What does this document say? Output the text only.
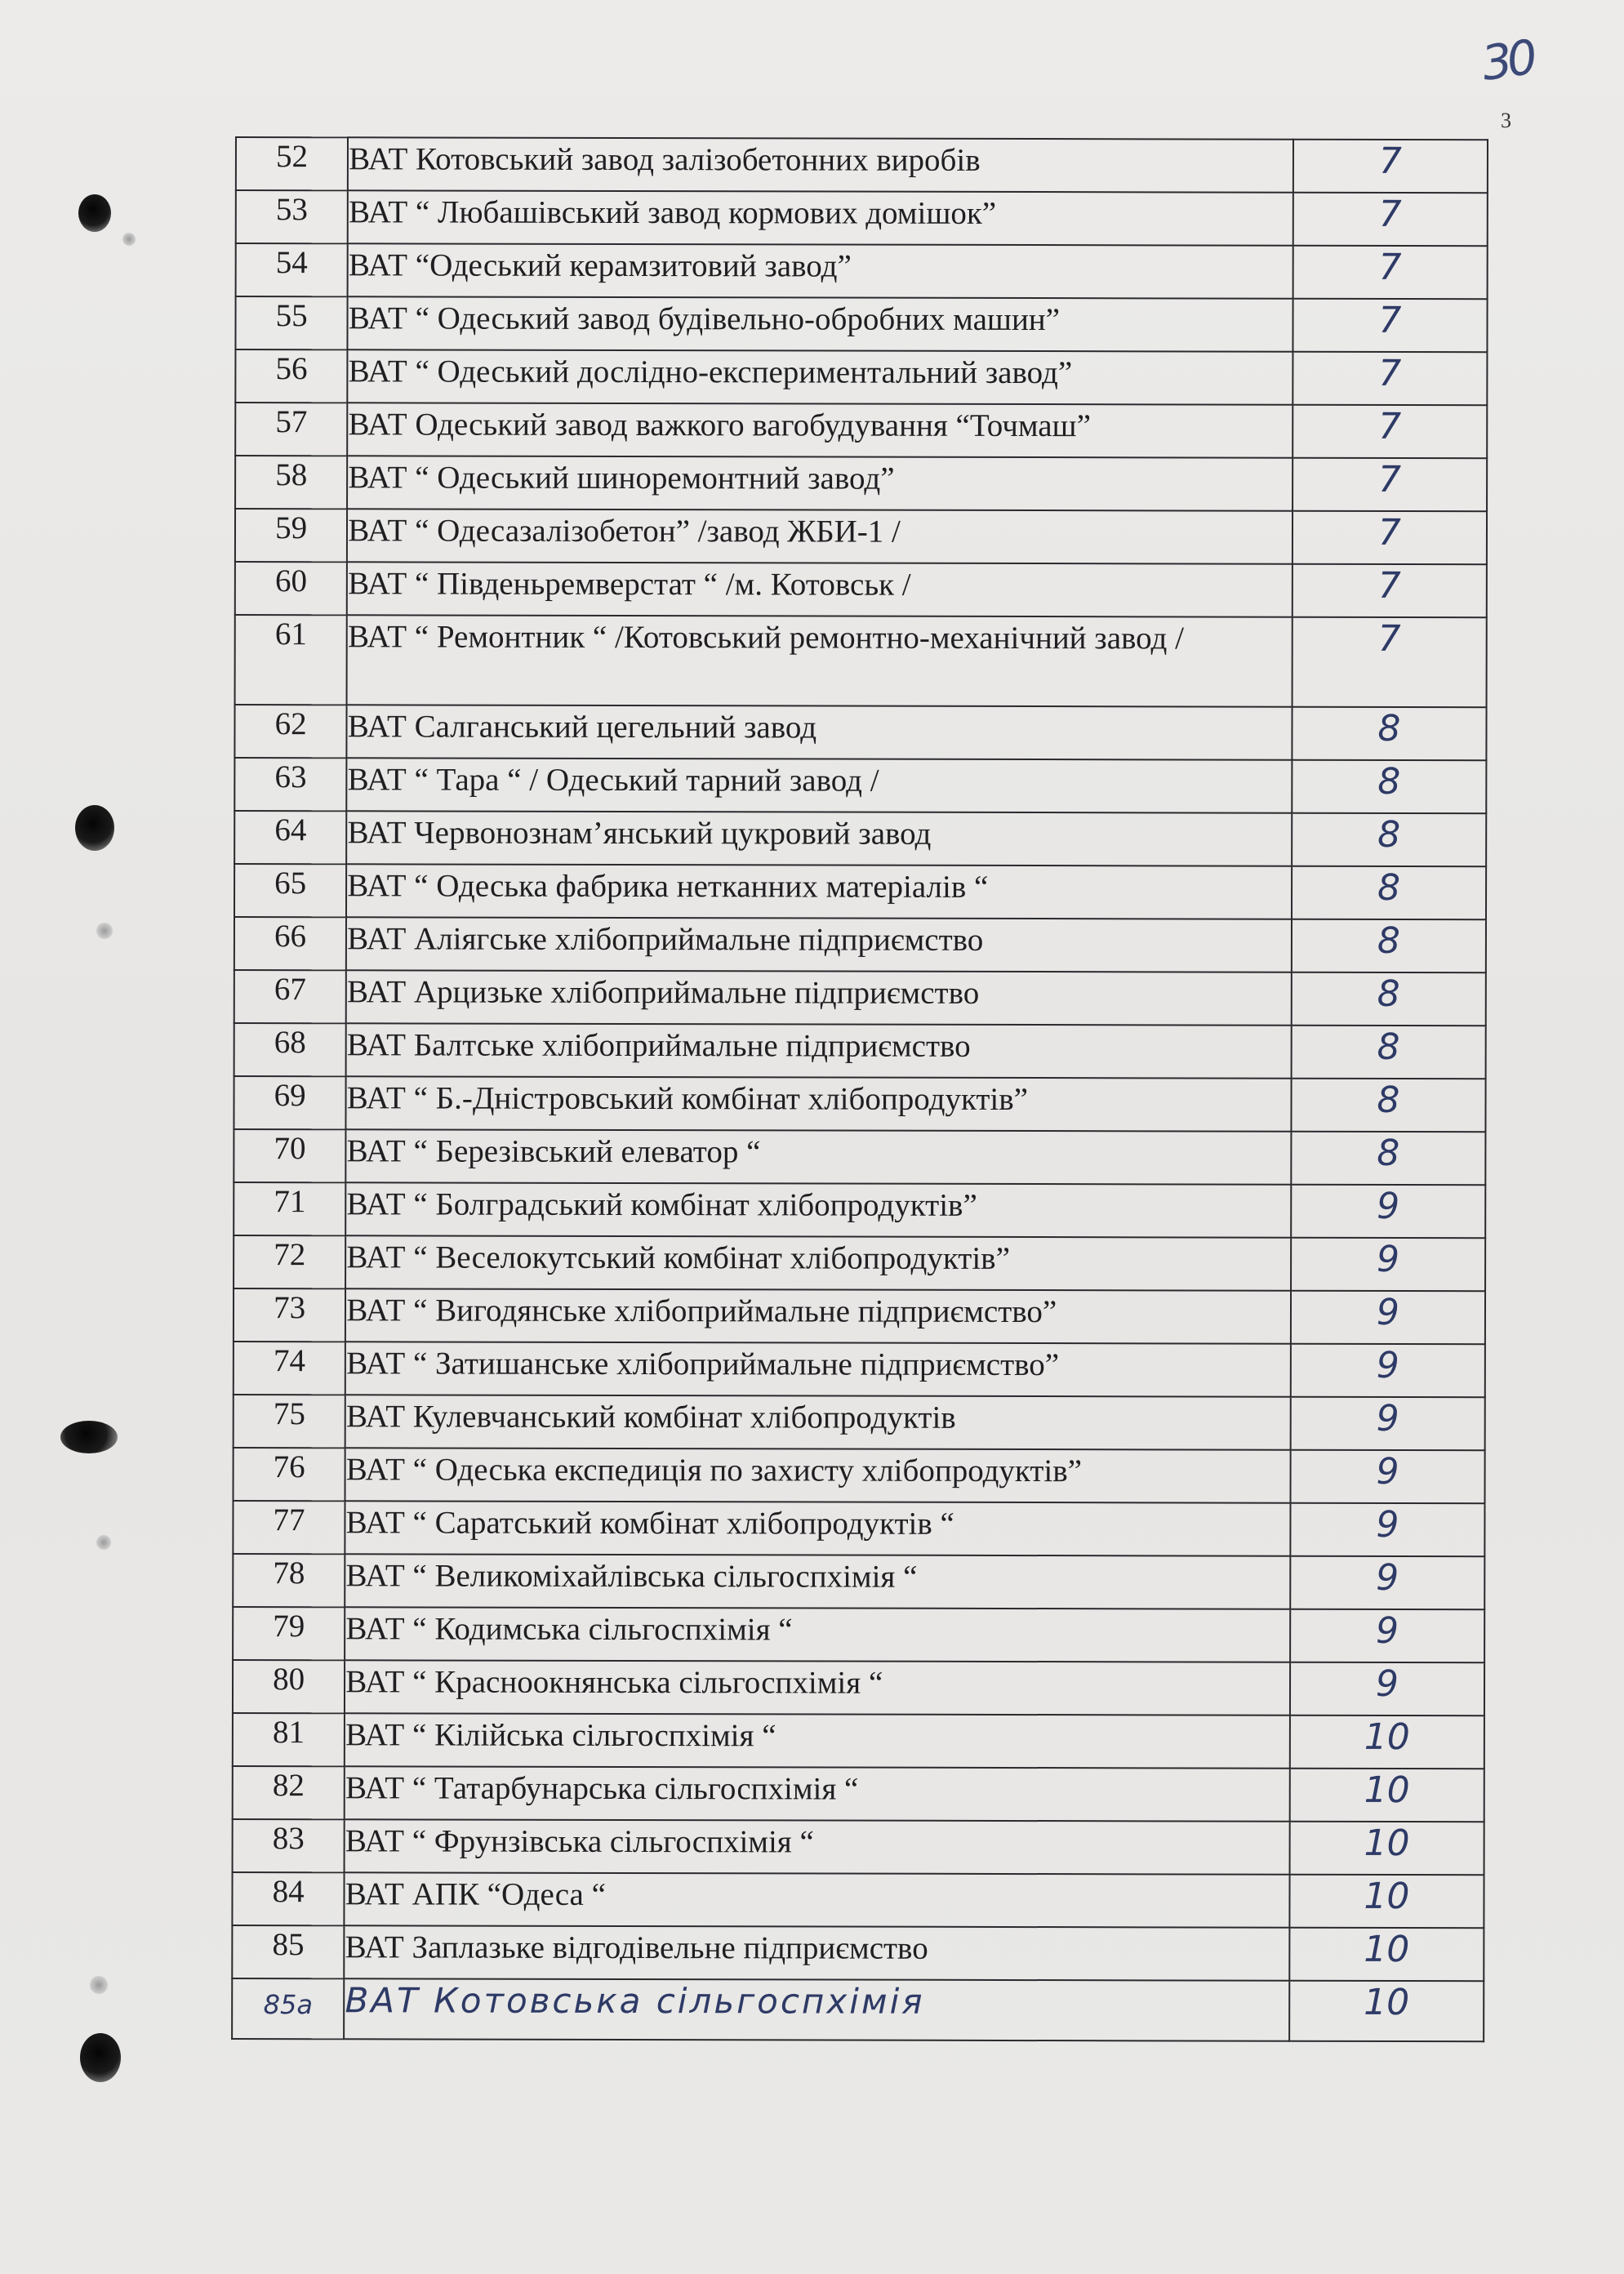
30
3
52	ВАТ Котовський завод залізобетонних виробів	7
53	ВАТ “ Любашівський завод кормових домішок”	7
54	ВАТ “Одеський керамзитовий завод”	7
55	ВАТ “ Одеський завод будівельно-обробних машин”	7
56	ВАТ “ Одеський дослідно-експериментальний завод”	7
57	ВАТ Одеський завод важкого вагобудування “Точмаш”	7
58	ВАТ “ Одеський шиноремонтний завод”	7
59	ВАТ “ Одесазалізобетон” /завод ЖБИ-1 /	7
60	ВАТ “ Південьремверстат “ /м. Котовськ /	7
61	ВАТ “ Ремонтник “ /Котовський ремонтно-механічний завод /	7
62	ВАТ Салганський цегельний завод	8
63	ВАТ “ Тара “ / Одеський тарний завод /	8
64	ВАТ Червонознам’янський цукровий завод	8
65	ВАТ “ Одеська фабрика нетканних матеріалів “	8
66	ВАТ Аліягське хлібоприймальне підприємство	8
67	ВАТ Арцизьке хлібоприймальне підприємство	8
68	ВАТ Балтське хлібоприймальне підприємство	8
69	ВАТ “ Б.-Дністровський комбінат хлібопродуктів”	8
70	ВАТ “ Березівський елеватор “	8
71	ВАТ “ Болградський комбінат хлібопродуктів”	9
72	ВАТ “ Веселокутський комбінат хлібопродуктів”	9
73	ВАТ “ Вигодянське хлібоприймальне підприємство”	9
74	ВАТ “ Затишанське хлібоприймальне підприємство”	9
75	ВАТ Кулевчанський комбінат хлібопродуктів	9
76	ВАТ “ Одеська експедиція по захисту хлібопродуктів”	9
77	ВАТ “ Саратський комбінат хлібопродуктів “	9
78	ВАТ “ Великоміхайлівська сільгоспхімія “	9
79	ВАТ “ Кодимська сільгоспхімія “	9
80	ВАТ “ Красноокнянська сільгоспхімія “	9
81	ВАТ “ Кілійська сільгоспхімія “	10
82	ВАТ “ Татарбунарська сільгоспхімія “	10
83	ВАТ “ Фрунзівська сільгоспхімія “	10
84	ВАТ АПК “Одеса “	10
85	ВАТ Заплазьке відгодівельне підприємство	10
85а	ВАТ Котовська сільгоспхімія	10
